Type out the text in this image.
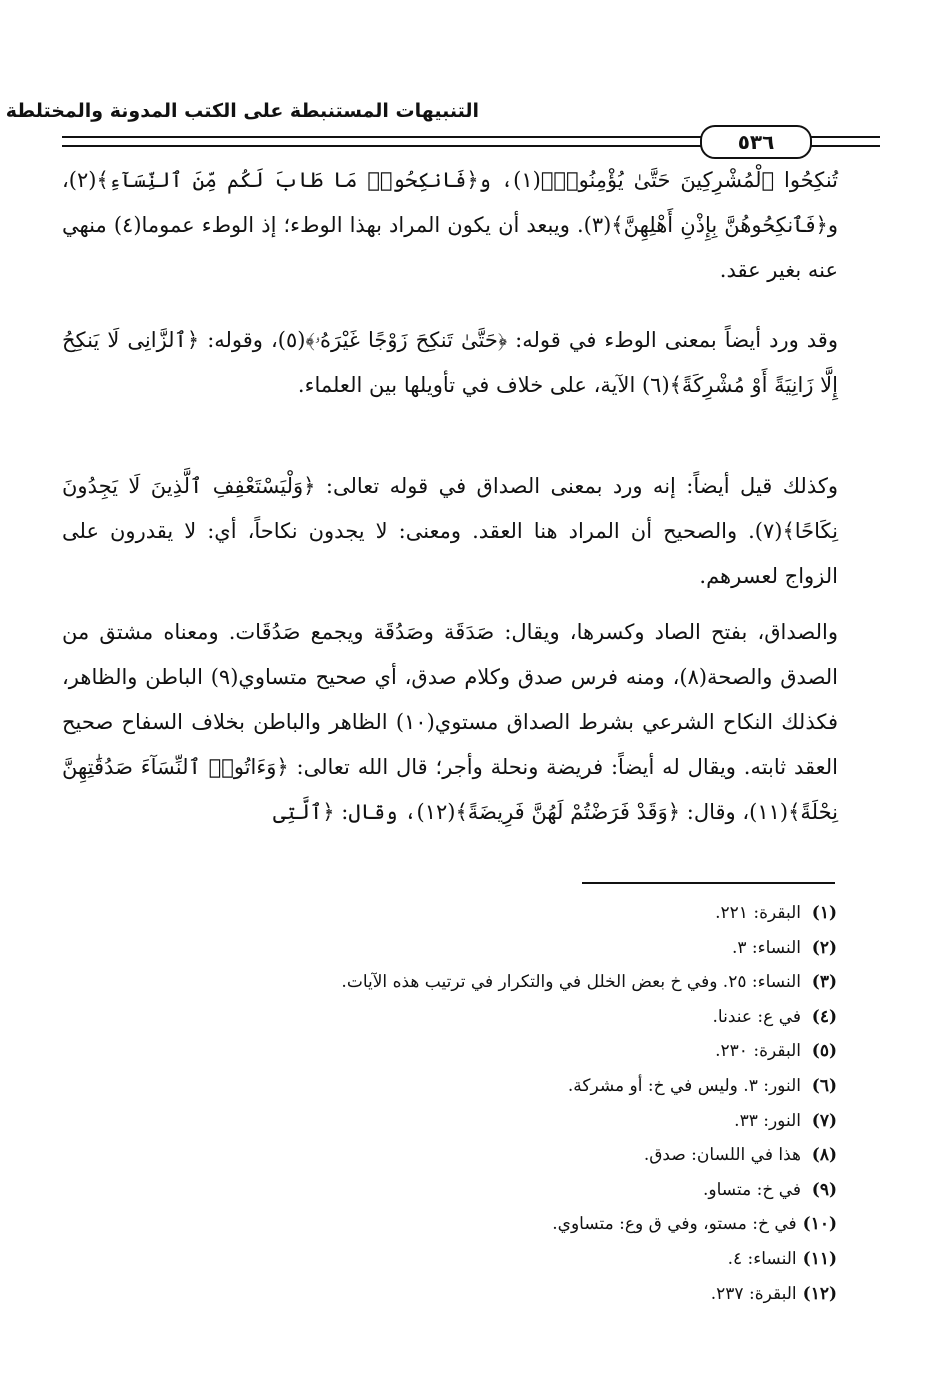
التنبيهات المستنبطة على الكتب المدونة والمختلطة
٥٣٦
تُنكِحُوا ٱلْمُشْرِكِينَ حَتَّىٰ يُؤْمِنُوا۟﴾(١)، و﴿فَانكِحُوا۟ مَا طَابَ لَكُم مِّنَ ٱلنِّسَآءِ﴾(٢)، و﴿فَٱنكِحُوهُنَّ بِإِذْنِ أَهْلِهِنَّ﴾(٣). ويبعد أن يكون المراد بهذا الوطء؛ إذ الوطء عموما(٤) منهي عنه بغير عقد.
وقد ورد أيضاً بمعنى الوطء في قوله: ﴿حَتَّىٰ تَنكِحَ زَوْجًا غَيْرَهُۥ﴾(٥)، وقوله: ﴿ٱلزَّانِى لَا يَنكِحُ إِلَّا زَانِيَةً أَوْ مُشْرِكَةً﴾(٦) الآية، على خلاف في تأويلها بين العلماء.
وكذلك قيل أيضاً: إنه ورد بمعنى الصداق في قوله تعالى: ﴿وَلْيَسْتَعْفِفِ ٱلَّذِينَ لَا يَجِدُونَ نِكَاحًا﴾(٧). والصحيح أن المراد هنا العقد. ومعنى: لا يجدون نكاحاً، أي: لا يقدرون على الزواج لعسرهم.
والصداق، بفتح الصاد وكسرها، ويقال: صَدَقَة وصَدُقَة ويجمع صَدُقَات. ومعناه مشتق من الصدق والصحة(٨)، ومنه فرس صدق وكلام صدق، أي صحيح متساوي(٩) الباطن والظاهر، فكذلك النكاح الشرعي بشرط الصداق مستوي(١٠) الظاهر والباطن بخلاف السفاح صحيح العقد ثابته. ويقال له أيضاً: فريضة ونحلة وأجر؛ قال الله تعالى: ﴿وَءَاتُوا۟ ٱلنِّسَآءَ صَدُقَٰتِهِنَّ نِحْلَةً﴾(١١)، وقال: ﴿وَقَدْ فَرَضْتُمْ لَهُنَّ فَرِيضَةً﴾(١٢)، وقال: ﴿ٱلَّتِى
(١)البقرة: ٢٢١.
(٢)النساء: ٣.
(٣)النساء: ٢٥. وفي خ بعض الخلل في والتكرار في ترتيب هذه الآيات.
(٤)في ع: عندنا.
(٥)البقرة: ٢٣٠.
(٦)النور: ٣. وليس في خ: أو مشركة.
(٧)النور: ٣٣.
(٨)هذا في اللسان: صدق.
(٩)في خ: متساو.
(١٠)في خ: مستو، وفي ق وع: متساوي.
(١١)النساء: ٤.
(١٢)البقرة: ٢٣٧.
